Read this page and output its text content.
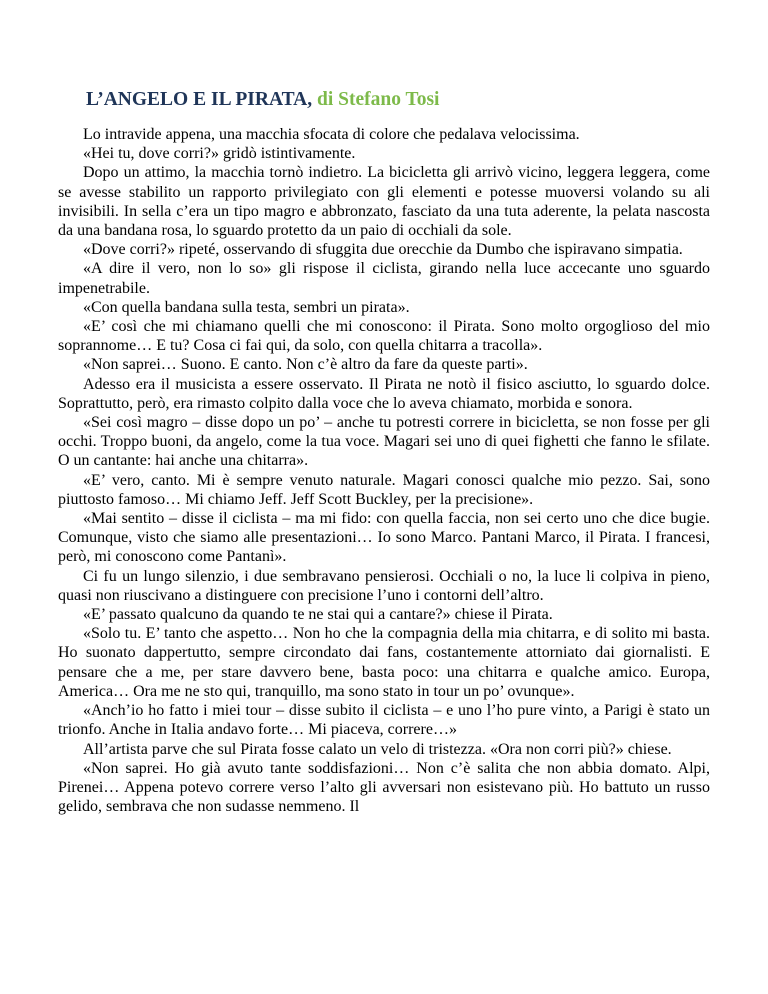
L’ANGELO E IL PIRATA, di Stefano Tosi

Lo intravide appena, una macchia sfocata di colore che pedalava velocissima.

«Hei tu, dove corri?» gridò istintivamente.

Dopo un attimo, la macchia tornò indietro. La bicicletta gli arrivò vicino, leggera leggera, come se avesse stabilito un rapporto privilegiato con gli elementi e potesse muoversi volando su ali invisibili. In sella c’era un tipo magro e abbronzato, fasciato da una tuta aderente, la pelata nascosta da una bandana rosa, lo sguardo protetto da un paio di occhiali da sole.

«Dove corri?» ripeté, osservando di sfuggita due orecchie da Dumbo che ispiravano simpatia.

«A dire il vero, non lo so» gli rispose il ciclista, girando nella luce accecante uno sguardo impenetrabile.

«Con quella bandana sulla testa, sembri un pirata».

«E’ così che mi chiamano quelli che mi conoscono: il Pirata. Sono molto orgoglioso del mio soprannome… E tu? Cosa ci fai qui, da solo, con quella chitarra a tracolla».

«Non saprei… Suono. E canto. Non c’è altro da fare da queste parti».

Adesso era il musicista a essere osservato. Il Pirata ne notò il fisico asciutto, lo sguardo dolce. Soprattutto, però, era rimasto colpito dalla voce che lo aveva chiamato, morbida e sonora.

«Sei così magro – disse dopo un po’ – anche tu potresti correre in bicicletta, se non fosse per gli occhi. Troppo buoni, da angelo, come la tua voce. Magari sei uno di quei fighetti che fanno le sfilate. O un cantante: hai anche una chitarra».

«E’ vero, canto. Mi è sempre venuto naturale. Magari conosci qualche mio pezzo. Sai, sono piuttosto famoso… Mi chiamo Jeff. Jeff Scott Buckley, per la precisione».

«Mai sentito – disse il ciclista – ma mi fido: con quella faccia, non sei certo uno che dice bugie. Comunque, visto che siamo alle presentazioni… Io sono Marco. Pantani Marco, il Pirata. I francesi, però, mi conoscono come Pantanì».

Ci fu un lungo silenzio, i due sembravano pensierosi. Occhiali o no, la luce li colpiva in pieno, quasi non riuscivano a distinguere con precisione l’uno i contorni dell’altro.

«E’ passato qualcuno da quando te ne stai qui a cantare?» chiese il Pirata.

«Solo tu. E’ tanto che aspetto… Non ho che la compagnia della mia chitarra, e di solito mi basta. Ho suonato dappertutto, sempre circondato dai fans, costantemente attorniato dai giornalisti. E pensare che a me, per stare davvero bene, basta poco: una chitarra e qualche amico. Europa, America… Ora me ne sto qui, tranquillo, ma sono stato in tour un po’ ovunque».

«Anch’io ho fatto i miei tour – disse subito il ciclista – e uno l’ho pure vinto, a Parigi è stato un trionfo. Anche in Italia andavo forte… Mi piaceva, correre…»

All’artista parve che sul Pirata fosse calato un velo di tristezza. «Ora non corri più?» chiese.

«Non saprei. Ho già avuto tante soddisfazioni… Non c’è salita che non abbia domato. Alpi, Pirenei… Appena potevo correre verso l’alto gli avversari non esistevano più. Ho battuto un russo gelido, sembrava che non sudasse nemmeno. Il
